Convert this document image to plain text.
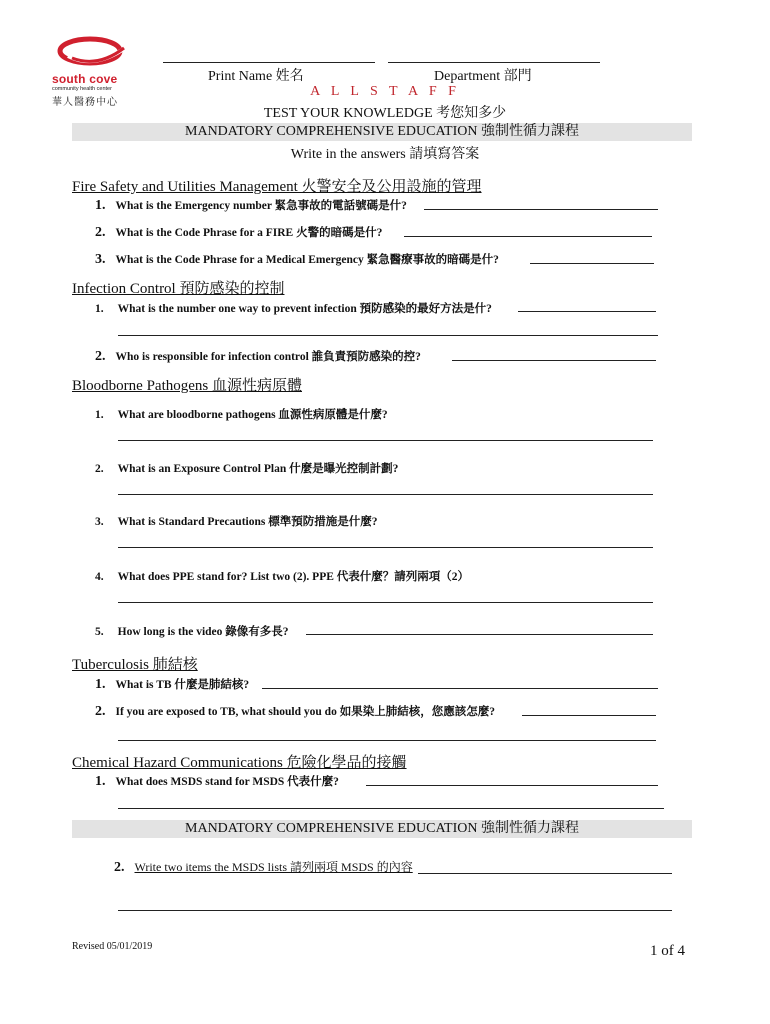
south cove
community health center
華人醫務中心
Print Name 姓名	Department 部門
A L L S T A F F
TEST YOUR KNOWLEDGE 考您知多少
MANDATORY COMPREHENSIVE EDUCATION 強制性循力課程
Write in the answers 請填寫答案
Fire Safety and Utilities Management 火警安全及公用設施的管理
1. What is the Emergency number 緊急事故的電話號碼是什?
2. What is the Code Phrase for a FIRE 火警的暗碼是什?
3. What is the Code Phrase for a Medical Emergency 緊急醫療事故的暗碼是什?
Infection Control 預防感染的控制
1. What is the number one way to prevent infection 預防感染的最好方法是什?
2. Who is responsible for infection control 誰負責預防感染的控?
Bloodborne Pathogens 血源性病原體
1. What are bloodborne pathogens 血源性病原體是什麼?
2. What is an Exposure Control Plan 什麼是曝光控制計劃?
3. What is Standard Precautions 標準預防措施是什麼?
4. What does PPE stand for? List two (2). PPE 代表什麼？請列兩項（2）
5. How long is the video 錄像有多長?
Tuberculosis 肺結核
1. What is TB 什麼是肺結核?
2. If you are exposed to TB, what should you do 如果染上肺結核，您應該怎麼?
Chemical Hazard Communications 危險化學品的接觸
1. What does MSDS stand for MSDS 代表什麼?
MANDATORY COMPREHENSIVE EDUCATION 強制性循力課程
2. Write two items the MSDS lists 請列兩項 MSDS 的內容
Revised 05/01/2019	1 of 4
